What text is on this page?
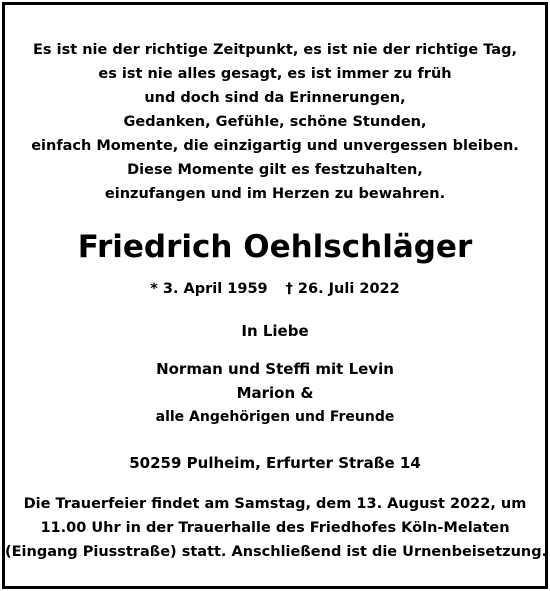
Es ist nie der richtige Zeitpunkt, es ist nie der richtige Tag,
es ist nie alles gesagt, es ist immer zu früh
und doch sind da Erinnerungen,
Gedanken, Gefühle, schöne Stunden,
einfach Momente, die einzigartig und unvergessen bleiben.
Diese Momente gilt es festzuhalten,
einzufangen und im Herzen zu bewahren.
Friedrich Oehlschläger
* 3. April 1959 † 26. Juli 2022
In Liebe
Norman und Steffi mit Levin
Marion &
alle Angehörigen und Freunde
50259 Pulheim, Erfurter Straße 14
Die Trauerfeier findet am Samstag, dem 13. August 2022, um
11.00 Uhr in der Trauerhalle des Friedhofes Köln-Melaten
(Eingang Piusstraße) statt. Anschließend ist die Urnenbeisetzung.
